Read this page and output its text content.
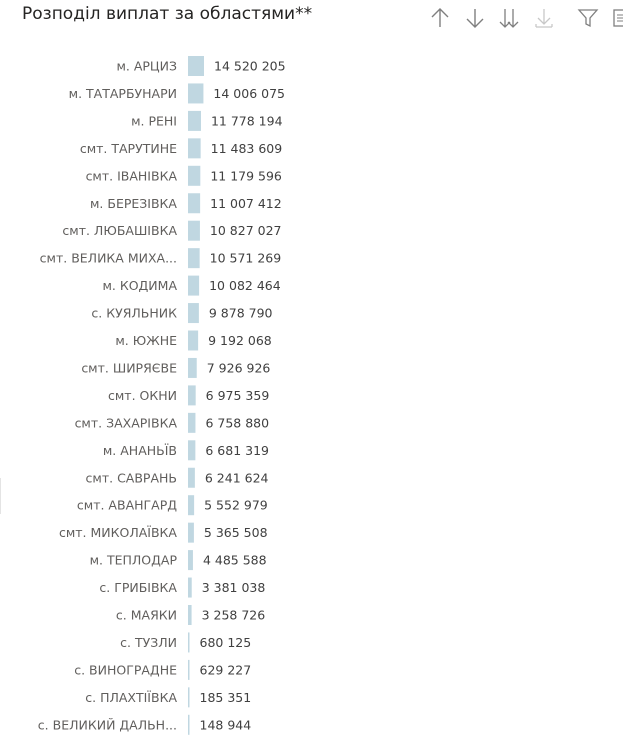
Розподіл виплат за областями**
м. АРЦИЗ	14 520 205
м. ТАТАРБУНАРИ	14 006 075
м. РЕНІ	11 778 194
смт. ТАРУТИНЕ	11 483 609
смт. ІВАНІВКА	11 179 596
м. БЕРЕЗІВКА	11 007 412
смт. ЛЮБАШІВКА	10 827 027
смт. ВЕЛИКА МИХА...	10 571 269
м. КОДИМА	10 082 464
с. КУЯЛЬНИК	9 878 790
м. ЮЖНЕ 9 192 068
смт. ШИРЯЄВЕ 7 926 926
смт. ОКНИ 6 975 359
смт. ЗАХАРІВКА 6 758 880
м. АНАНЬЇВ 6 681 319
смт. САВРАНЬ 6 241 624
смт. АВАНГАРД 5 552 979
смт. МИКОЛАЇВКА 5 365 508
м. ТЕПЛОДАР 4 485 588
с. ГРИБІВКА 3 381 038
с. МАЯКИ 3 258 726
с. ТУЗЛИ 680 125
с. ВИНОГРАДНЕ 629 227
с. ПЛАХТІЇВКА 185 351
с. ВЕЛИКИЙ ДАЛЬН... 148 944
